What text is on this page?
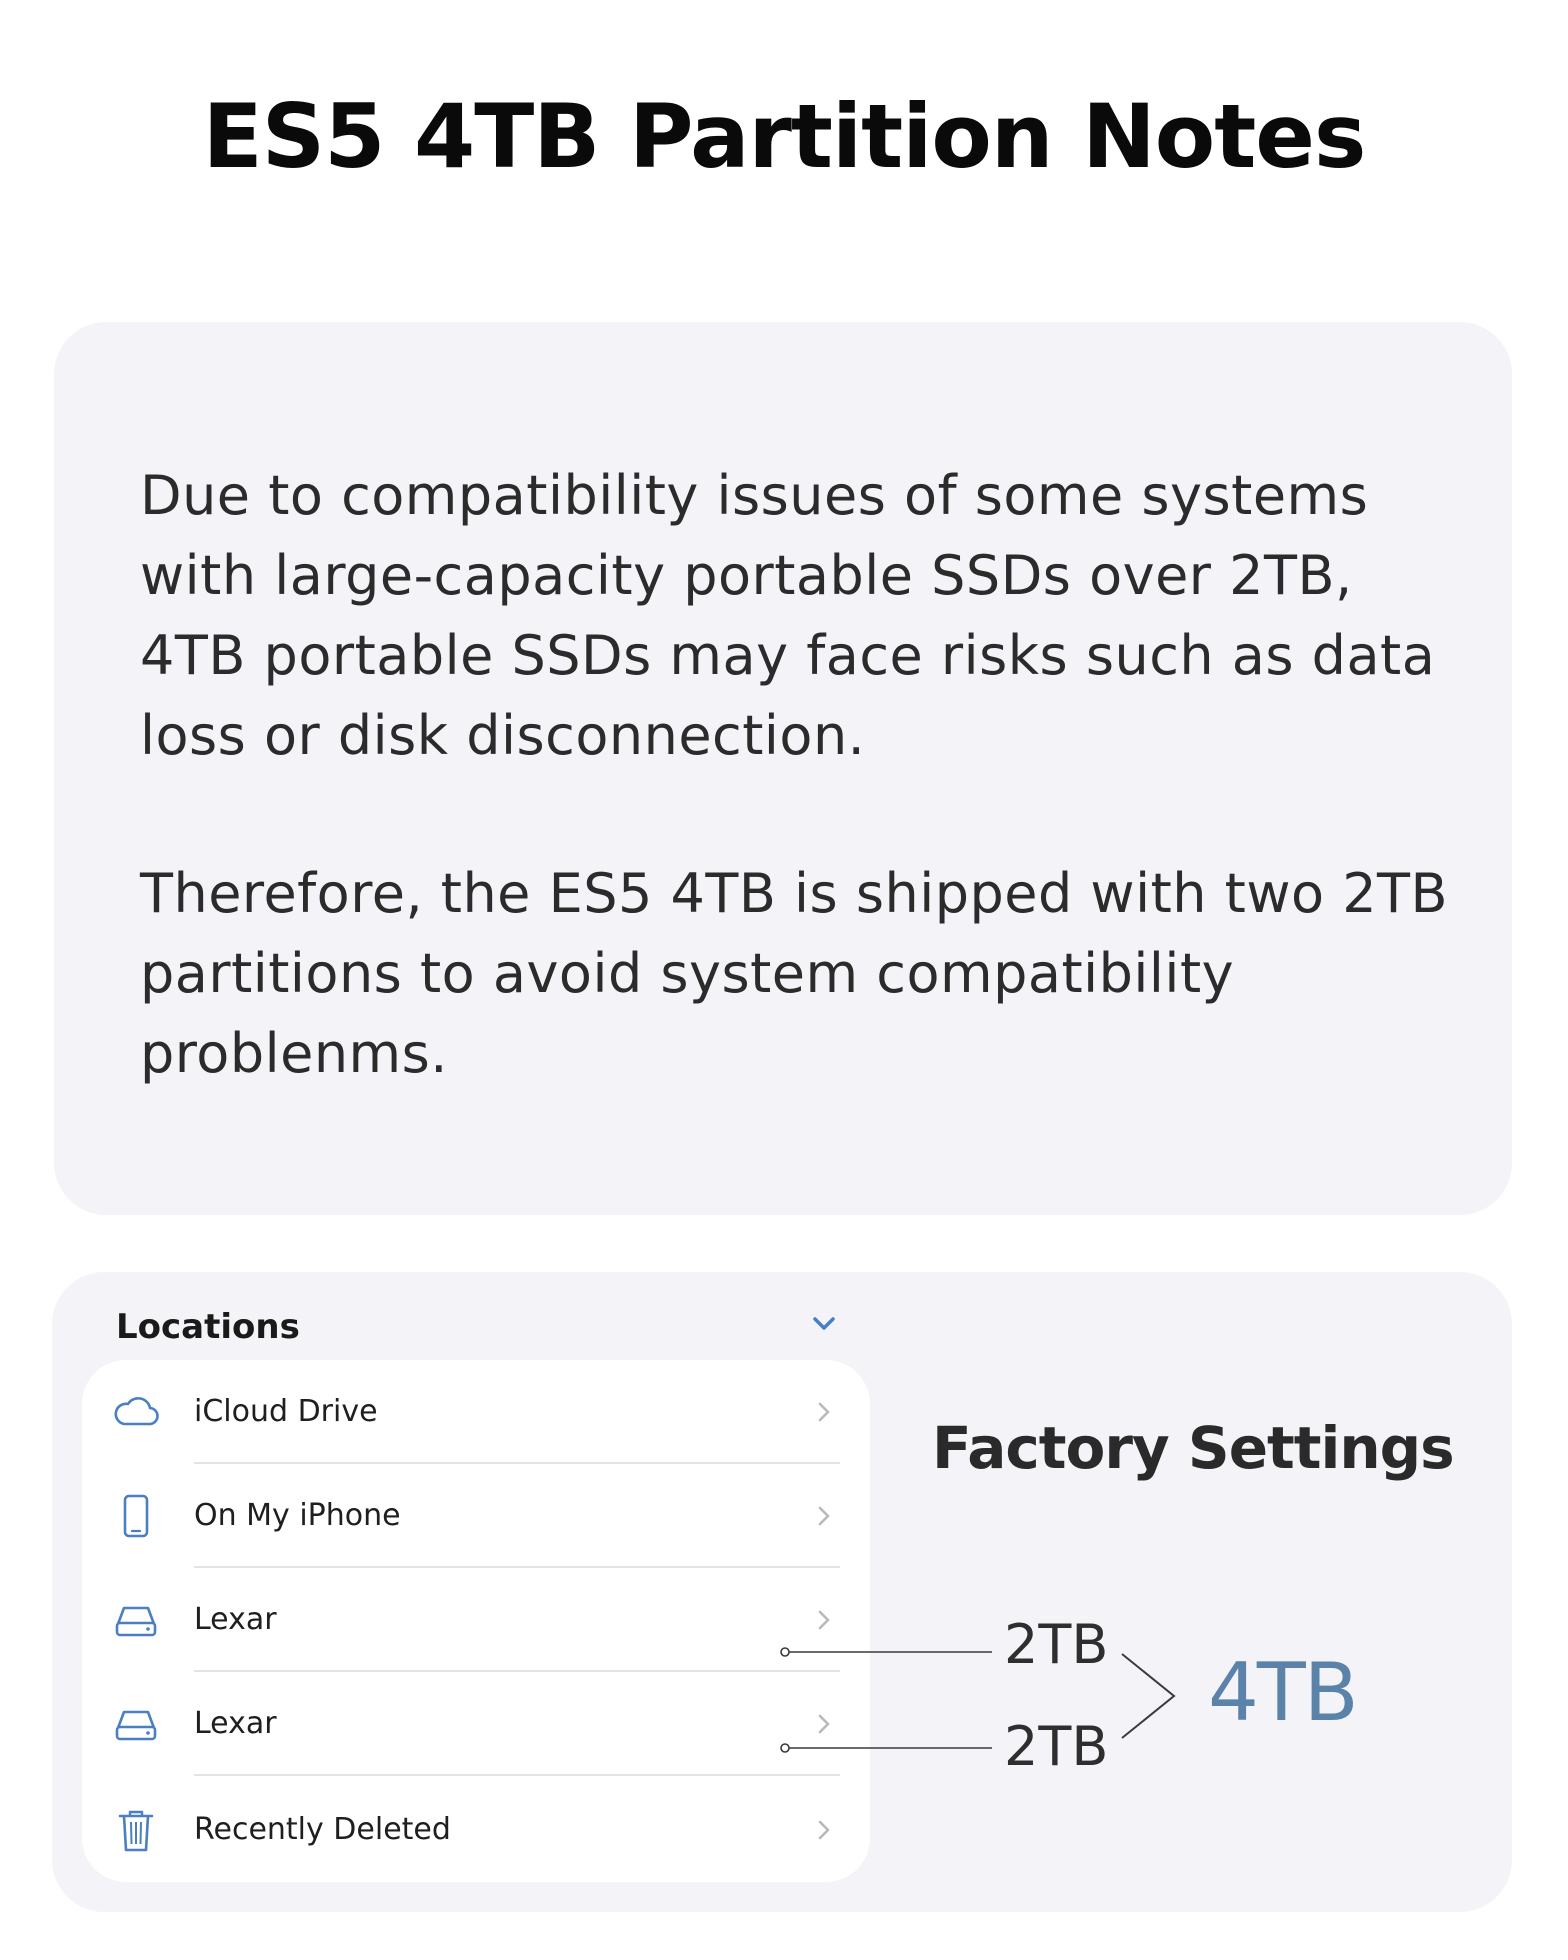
ES5 4TB Partition Notes
Due to compatibility issues of some systems with large-capacity portable SSDs over 2TB, 4TB portable SSDs may face risks such as data loss or disk disconnection.
Therefore, the ES5 4TB is shipped with two 2TB partitions to avoid system compatibility problenms.
Locations
iCloud Drive
On My iPhone
Lexar
Lexar
Recently Deleted
Factory Settings
2TB
2TB
4TB
